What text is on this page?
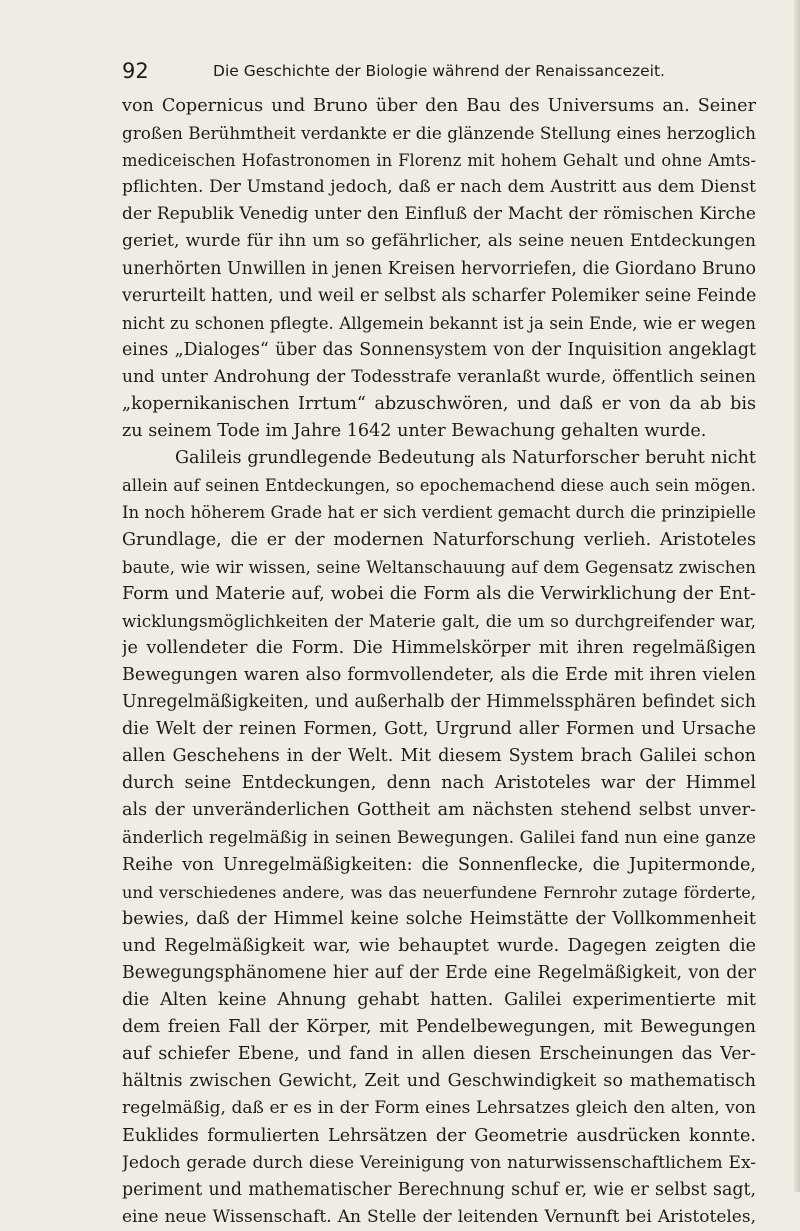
92	Die Geschichte der Biologie während der Renaissancezeit.
von Copernicus und Bruno über den Bau des Universums an. Seiner
großen Berühmtheit verdankte er die glänzende Stellung eines herzoglich
mediceischen Hofastronomen in Florenz mit hohem Gehalt und ohne Amts-
pflichten. Der Umstand jedoch, daß er nach dem Austritt aus dem Dienst
der Republik Venedig unter den Einfluß der Macht der römischen Kirche
geriet, wurde für ihn um so gefährlicher, als seine neuen Entdeckungen
unerhörten Unwillen in jenen Kreisen hervorriefen, die Giordano Bruno
verurteilt hatten, und weil er selbst als scharfer Polemiker seine Feinde
nicht zu schonen pflegte. Allgemein bekannt ist ja sein Ende, wie er wegen
eines „Dialoges“ über das Sonnensystem von der Inquisition angeklagt
und unter Androhung der Todesstrafe veranlaßt wurde, öffentlich seinen
„kopernikanischen Irrtum“ abzuschwören, und daß er von da ab bis
zu seinem Tode im Jahre 1642 unter Bewachung gehalten wurde.
Galileis grundlegende Bedeutung als Naturforscher beruht nicht
allein auf seinen Entdeckungen, so epochemachend diese auch sein mögen.
In noch höherem Grade hat er sich verdient gemacht durch die prinzipielle
Grundlage, die er der modernen Naturforschung verlieh. Aristoteles
baute, wie wir wissen, seine Weltanschauung auf dem Gegensatz zwischen
Form und Materie auf, wobei die Form als die Verwirklichung der Ent-
wicklungsmöglichkeiten der Materie galt, die um so durchgreifender war,
je vollendeter die Form. Die Himmelskörper mit ihren regelmäßigen
Bewegungen waren also formvollendeter, als die Erde mit ihren vielen
Unregelmäßigkeiten, und außerhalb der Himmelssphären befindet sich
die Welt der reinen Formen, Gott, Urgrund aller Formen und Ursache
allen Geschehens in der Welt. Mit diesem System brach Galilei schon
durch seine Entdeckungen, denn nach Aristoteles war der Himmel
als der unveränderlichen Gottheit am nächsten stehend selbst unver-
änderlich regelmäßig in seinen Bewegungen. Galilei fand nun eine ganze
Reihe von Unregelmäßigkeiten: die Sonnenflecke, die Jupitermonde,
und verschiedenes andere, was das neuerfundene Fernrohr zutage förderte,
bewies, daß der Himmel keine solche Heimstätte der Vollkommenheit
und Regelmäßigkeit war, wie behauptet wurde. Dagegen zeigten die
Bewegungsphänomene hier auf der Erde eine Regelmäßigkeit, von der
die Alten keine Ahnung gehabt hatten. Galilei experimentierte mit
dem freien Fall der Körper, mit Pendelbewegungen, mit Bewegungen
auf schiefer Ebene, und fand in allen diesen Erscheinungen das Ver-
hältnis zwischen Gewicht, Zeit und Geschwindigkeit so mathematisch
regelmäßig, daß er es in der Form eines Lehrsatzes gleich den alten, von
Euklides formulierten Lehrsätzen der Geometrie ausdrücken konnte.
Jedoch gerade durch diese Vereinigung von naturwissenschaftlichem Ex-
periment und mathematischer Berechnung schuf er, wie er selbst sagt,
eine neue Wissenschaft. An Stelle der leitenden Vernunft bei Aristoteles,
